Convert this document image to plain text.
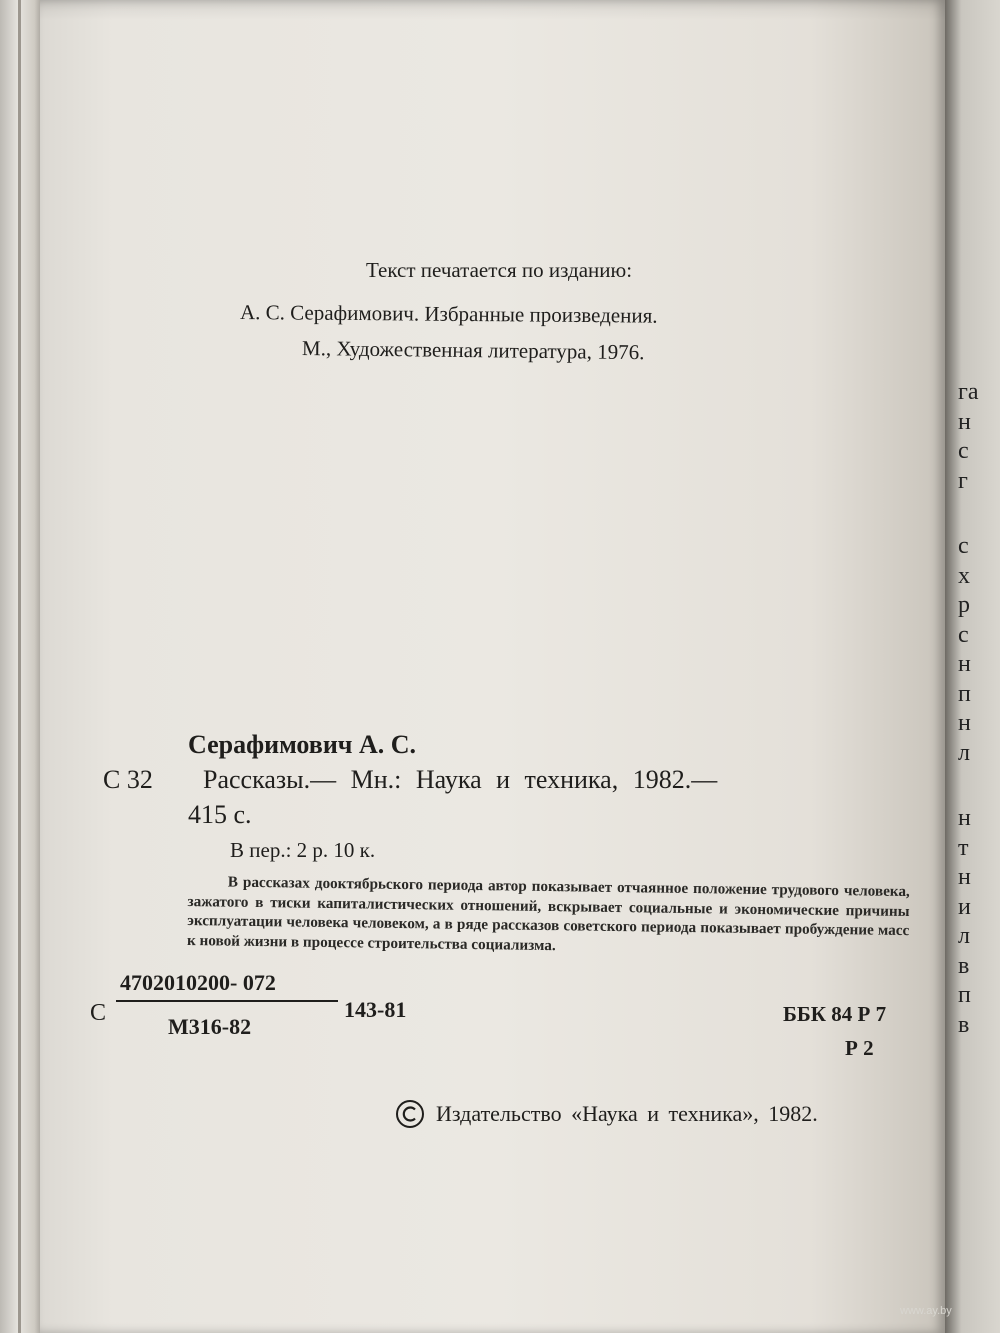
га
н
с
г
с
х
р
с
н
п
н
л
н
т
н
и
л
в
п
в
Текст печатается по изданию:
А. С. Серафимович. Избранные произведения.
М., Художественная литература, 1976.
Серафимович А. С.
С 32 Рассказы.— Мн.: Наука и техника, 1982.—
415 с.
В пер.: 2 р. 10 к.
В рассказах доoктябрьского периода автор показывает отчаянное положение трудового человека, зажатого в тиски капиталистических отношений, вскрывает социальные и экономические причины эксплуатации человека человеком, а в ряде рассказов советского периода показывает пробуждение масс к новой жизни в процессе строительства социализма.
С
4702010200- 072
М316-82
143-81	ББК 84 Р 7
Р 2
Издательство «Наука и техника», 1982.
www.ay.by
